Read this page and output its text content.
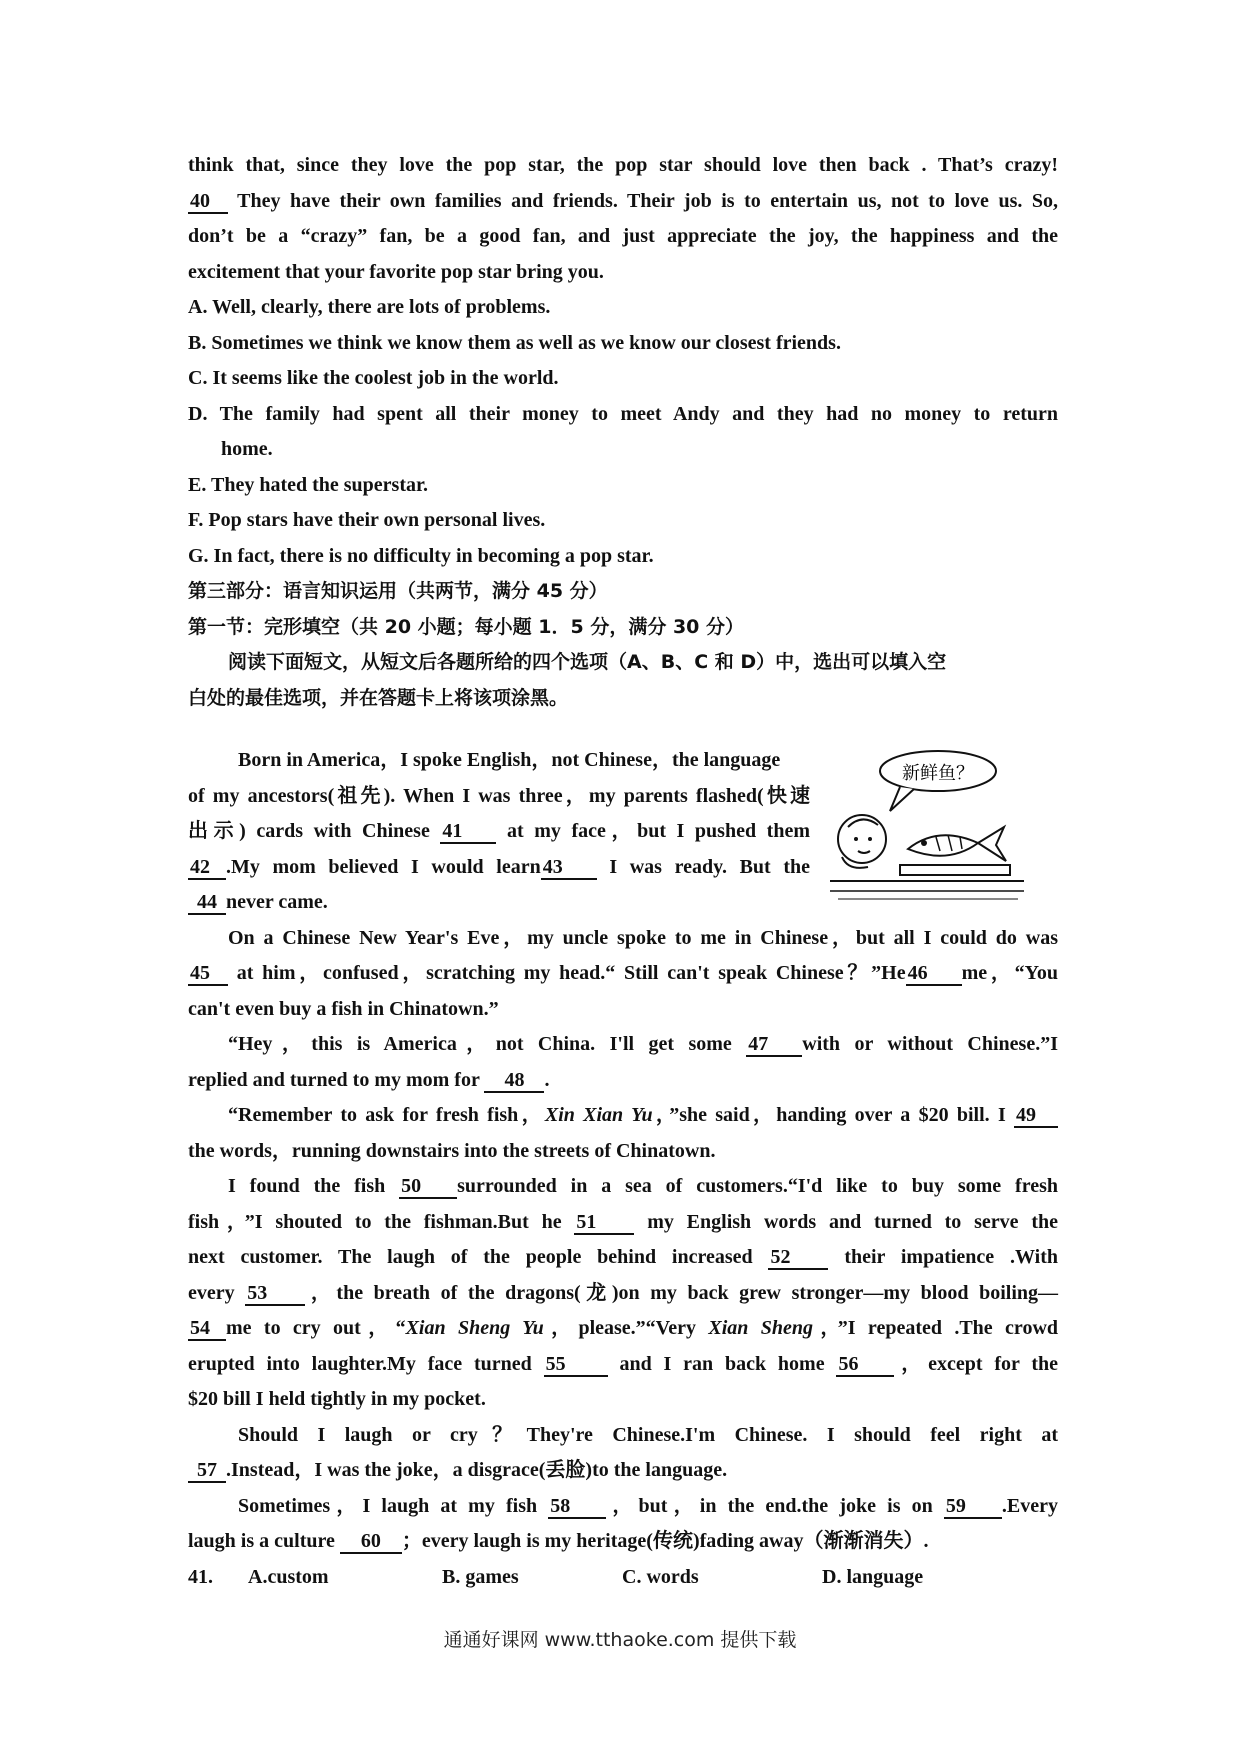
think that, since they love the pop star, the pop star should love then back . That’s crazy!
40 They have their own families and friends. Their job is to entertain us, not to love us. So,
don’t be a “crazy” fan, be a good fan, and just appreciate the joy, the happiness and the
excitement that your favorite pop star bring you.
A. Well, clearly, there are lots of problems.
B. Sometimes we think we know them as well as we know our closest friends.
C. It seems like the coolest job in the world.
D. The family had spent all their money to meet Andy and they had no money to return
home.
E. They hated the superstar.
F. Pop stars have their own personal lives.
G. In fact, there is no difficulty in becoming a pop star.
第三部分：语言知识运用（共两节，满分 45 分）
第一节：完形填空（共 20 小题；每小题 1．5 分，满分 30 分）
阅读下面短文，从短文后各题所给的四个选项（A、B、C 和 D）中，选出可以填入空
白处的最佳选项，并在答题卡上将该项涂黑。
新鲜鱼？
Born in America，I spoke English，not Chinese，the language
of my ancestors(祖先). When I was three，my parents flashed(快速
出示) cards with Chinese 41 at my face，but I pushed them
42 .My mom believed I would learn 43 I was ready. But the
44 never came.
On a Chinese New Year's Eve，my uncle spoke to me in Chinese，but all I could do was
45 at him，confused，scratching my head.“ Still can't speak Chinese？”He 46 me，“You
can't even buy a fish in Chinatown.”
“Hey，this is America，not China. I'll get some 47 with or without Chinese.”I
replied and turned to my mom for 48 .
“Remember to ask for fresh fish，Xin Xian Yu，”she said，handing over a $20 bill. I 49
the words，running downstairs into the streets of Chinatown.
I found the fish 50 surrounded in a sea of customers.“I'd like to buy some fresh
fish，”I shouted to the fishman.But he 51 my English words and turned to serve the
next customer. The laugh of the people behind increased 52 their impatience .With
every 53 ，the breath of the dragons(龙)on my back grew stronger—my blood boiling—
54 me to cry out，“Xian Sheng Yu，please.”“Very Xian Sheng，”I repeated .The crowd
erupted into laughter.My face turned 55 and I ran back home 56 ，except for the
$20 bill I held tightly in my pocket.
Should I laugh or cry？They're Chinese.I'm Chinese. I should feel right at
57 .Instead，I was the joke，a disgrace(丢脸)to the language.
Sometimes，I laugh at my fish 58 ，but，in the end.the joke is on 59 .Every
laugh is a culture 60 ；every laugh is my heritage(传统)fading away（渐渐消失）.
41.	A.custom	B. games	C. words	D. language
通通好课网 www.tthaoke.com 提供下载
